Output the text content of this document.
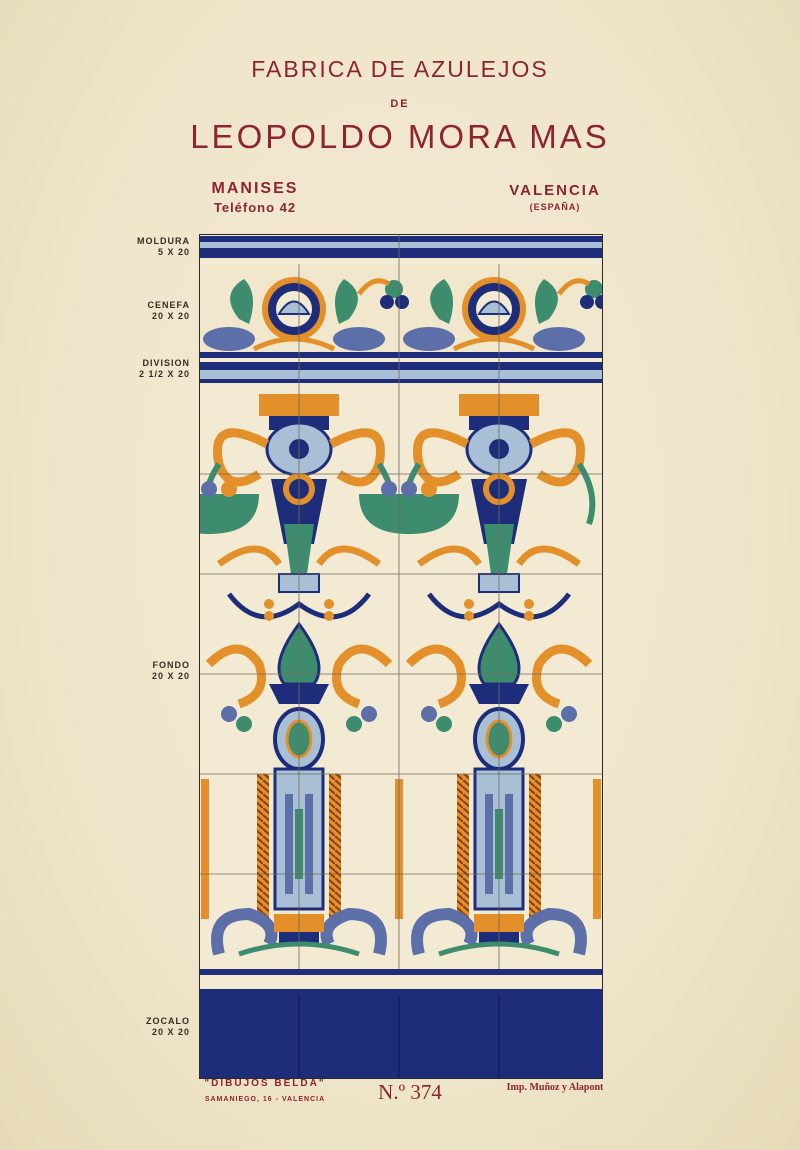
FABRICA DE AZULEJOS
DE
LEOPOLDO MORA MAS
MANISES
Teléfono 42
VALENCIA
(ESPAÑA)
MOLDURA
5 X 20
CENEFA
20 X 20
DIVISION
2 1/2 X 20
FONDO
20 X 20
ZOCALO
20 X 20
"DIBUJOS BELDA"
SAMANIEGO, 16 - VALENCIA	N.º 374	Imp. Muñoz y Alapont
